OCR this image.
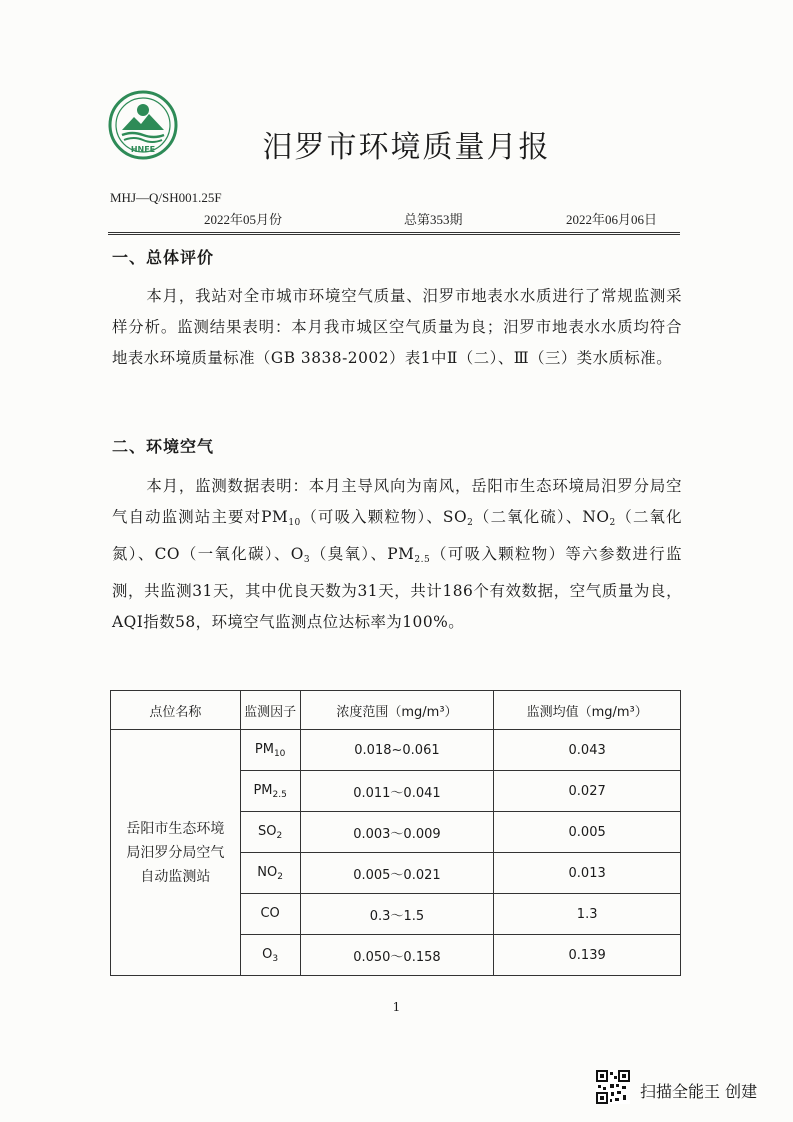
HNEE	汨罗市环境质量月报
MHJ—Q/SH001.25F
2022年05月份	总第353期	2022年06月06日
一、总体评价
本月，我站对全市城市环境空气质量、汨罗市地表水水质进行了常规监测采样分析。监测结果表明：本月我市城区空气质量为良；汨罗市地表水水质均符合地表水环境质量标准（GB 3838-2002）表1中Ⅱ（二）、Ⅲ（三）类水质标准。
二、环境空气
本月，监测数据表明：本月主导风向为南风，岳阳市生态环境局汨罗分局空气自动监测站主要对$PM_{10}$（可吸入颗粒物）、$SO_2$（二氧化硫）、$NO_2$（二氧化氮）、CO（一氧化碳）、$O_3$（臭氧）、$PM_{2.5}$（可吸入颗粒物）等六参数进行监测，共监测31天，其中优良天数为31天，共计186个有效数据，空气质量为良，AQI指数58，环境空气监测点位达标率为100%。
点位名称	监测因子	浓度范围（mg/m³）	监测均值（mg/m³）

岳阳市生态环境
局汨罗分局空气
自动监测站	$PM_{10}$	0.018~0.061	0.043
	$PM_{2.5}$	0.011～0.041	0.027
	$SO_2$	0.003～0.009	0.005
	$NO_2$	0.005～0.021	0.013
	CO	0.3～1.5	1.3
	$O_3$	0.050～0.158	0.139
1
扫描全能王 创建
